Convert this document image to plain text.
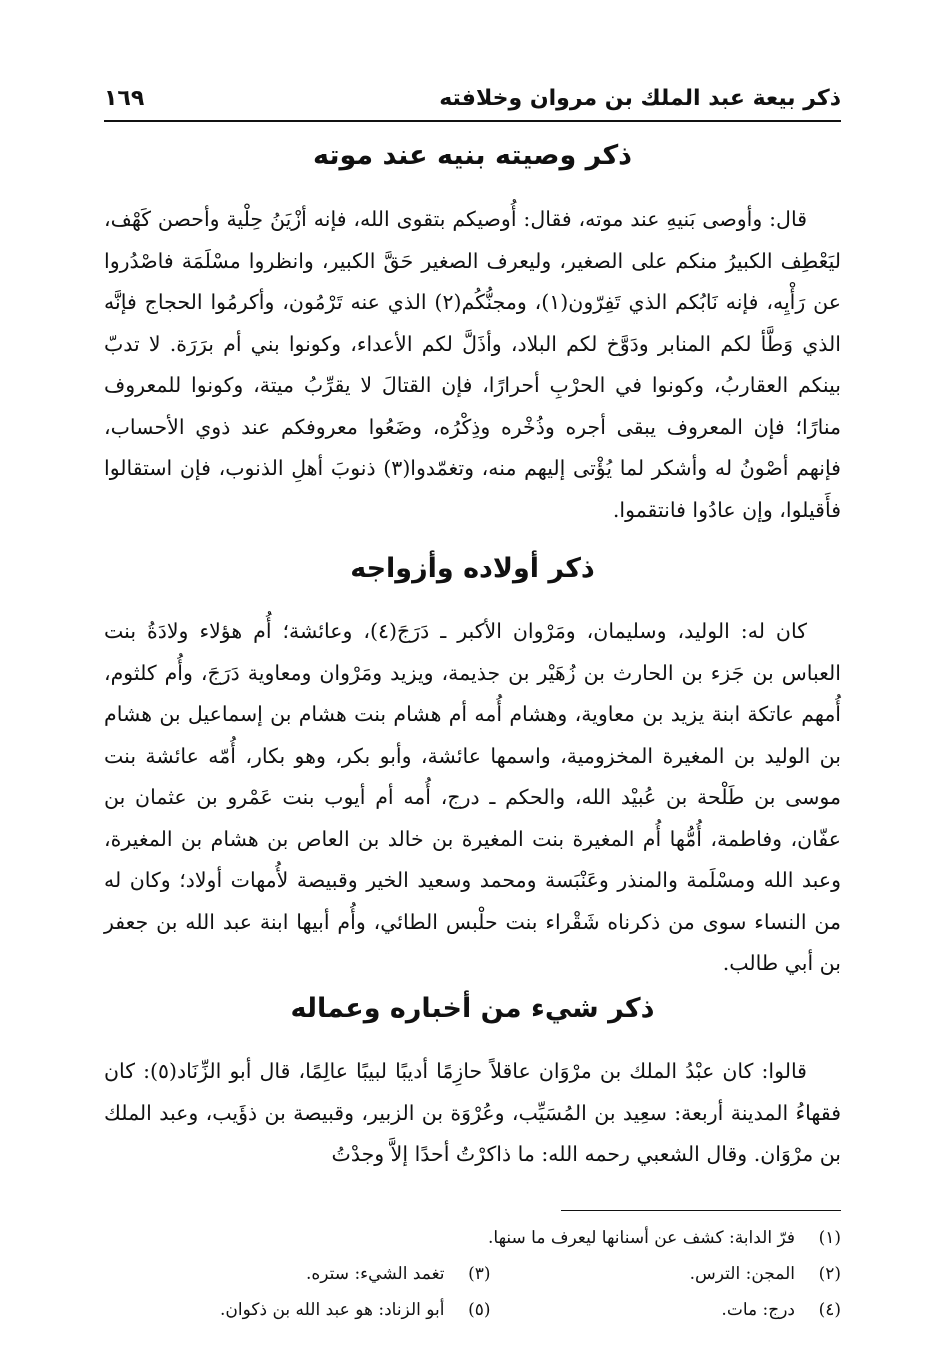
ذكر بيعة عبد الملك بن مروان وخلافته
١٦٩
ذكر وصيته بنيه عند موته

قال: وأوصى بَنيهِ عند موته، فقال: أُوصيكم بتقوى الله، فإنه أزْيَنُ حِلْية وأحصن كَهْف، ليَعْطِف الكبيرُ منكم على الصغير، وليعرف الصغير حَقَّ الكبير، وانظروا مسْلَمَة فاصْدُروا عن رَأْيِه، فإنه نَابُكم الذي تَفِرّون(١)، ومجنُّكُم(٢) الذي عنه تَرْمُون، وأكرمُوا الحجاج فإنَّه الذي وَطَّأ لكم المنابر ودَوَّخ لكم البلاد، وأذَلَّ لكم الأعداء، وكونوا بني أم برَرَة. لا تدبّ بينكم العقاربُ، وكونوا في الحرْبِ أحرارًا، فإن القتالَ لا يقرِّبُ ميتة، وكونوا للمعروف منارًا؛ فإن المعروف يبقى أجره وذُخْره وذِكْرُه، وضَعُوا معروفكم عند ذوي الأحساب، فإنهم أصْونُ له وأشكر لما يُؤْتى إليهم منه، وتغمّدوا(٣) ذنوبَ أهلِ الذنوب، فإن استقالوا فأَقيلوا، وإن عادُوا فانتقموا.

ذكر أولاده وأزواجه

كان له: الوليد، وسليمان، ومَرْوان الأكبر ـ دَرَجَ(٤)، وعائشة؛ أُم هؤلاء ولادَةُ بنت العباس بن جَزء بن الحارث بن زُهَيْر بن جذيمة، ويزيد ومَرْوان ومعاوية دَرَجَ، وأُم كلثوم، أُمهم عاتكة ابنة يزيد بن معاوية، وهشام أُمه أم هشام بنت هشام بن إسماعيل بن هشام بن الوليد بن المغيرة المخزومية، واسمها عائشة، وأبو بكر، وهو بكار، أُمّه عائشة بنت موسى بن طَلْحة بن عُبيْد الله، والحكم ـ درج، أُمه أم أيوب بنت عَمْرو بن عثمان بن عفّان، وفاطمة، أُمُّها أُم المغيرة بنت المغيرة بن خالد بن العاص بن هشام بن المغيرة، وعبد الله ومسْلَمة والمنذر وعَنْبَسة ومحمد وسعيد الخير وقبيصة لأُمهات أولاد؛ وكان له من النساء سوى من ذكرناه شَقْراء بنت حلْبس الطائي، وأُم أبيها ابنة عبد الله بن جعفر بن أبي طالب.

ذكر شيء من أخباره وعماله

قالوا: كان عبْدُ الملك بن مرْوَان عاقلاً حازِمًا أديبًا لبيبًا عالِمًا، قال أبو الزِّنَاد(٥): كان فقهاءُ المدينة أربعة: سعِيد بن المُسَيِّب، وعُرْوَة بن الزبير، وقبيصة بن ذؤَيب، وعبد الملك بن مرْوَان. وقال الشعبي رحمه الله: ما ذاكرْتُ أحدًا إلاَّ وجدْتُ

(١)فرّ الدابة: كشف عن أسنانها ليعرف ما سنها.
(٢)المجن: الترس.
(٣)تغمد الشيء: ستره.
(٤)درج: مات.
(٥)أبو الزناد: هو عبد الله بن ذكوان.
